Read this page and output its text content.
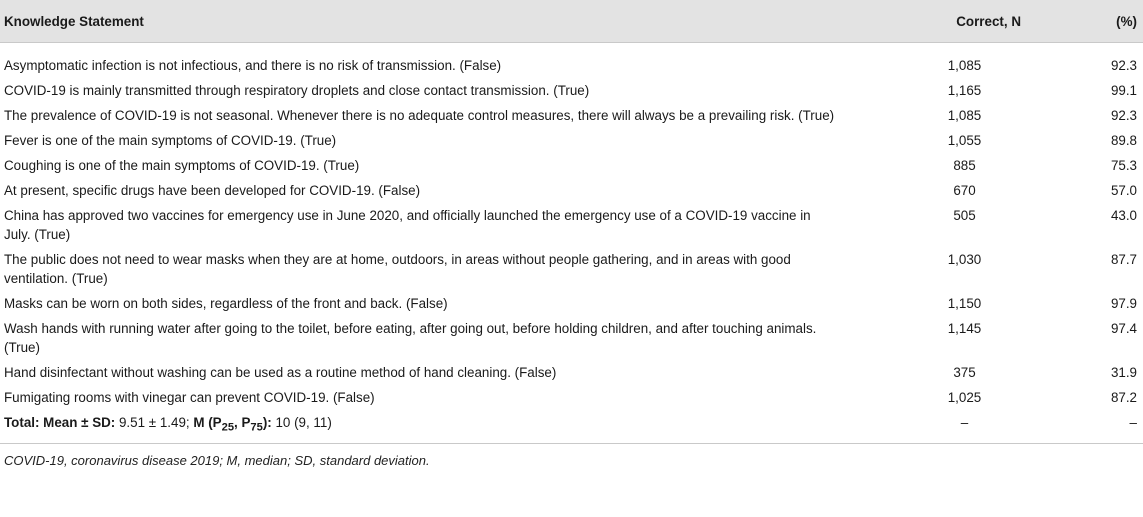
Knowledge Statement	Correct, N	(%)
Asymptomatic infection is not infectious, and there is no risk of transmission. (False)	1,085	92.3
COVID-19 is mainly transmitted through respiratory droplets and close contact transmission. (True)	1,165	99.1
The prevalence of COVID-19 is not seasonal. Whenever there is no adequate control measures, there will always be a prevailing risk. (True)	1,085	92.3
Fever is one of the main symptoms of COVID-19. (True)	1,055	89.8
Coughing is one of the main symptoms of COVID-19. (True)	885	75.3
At present, specific drugs have been developed for COVID-19. (False)	670	57.0
China has approved two vaccines for emergency use in June 2020, and officially launched the emergency use of a COVID-19 vaccine in July. (True)	505	43.0
The public does not need to wear masks when they are at home, outdoors, in areas without people gathering, and in areas with good ventilation. (True)	1,030	87.7
Masks can be worn on both sides, regardless of the front and back. (False)	1,150	97.9
Wash hands with running water after going to the toilet, before eating, after going out, before holding children, and after touching animals. (True)	1,145	97.4
Hand disinfectant without washing can be used as a routine method of hand cleaning. (False)	375	31.9
Fumigating rooms with vinegar can prevent COVID-19. (False)	1,025	87.2
Total: Mean ± SD: 9.51 ± 1.49; M ($P_{25}$, $P_{75}$): 10 (9, 11)	–	–
COVID-19, coronavirus disease 2019; M, median; SD, standard deviation.
